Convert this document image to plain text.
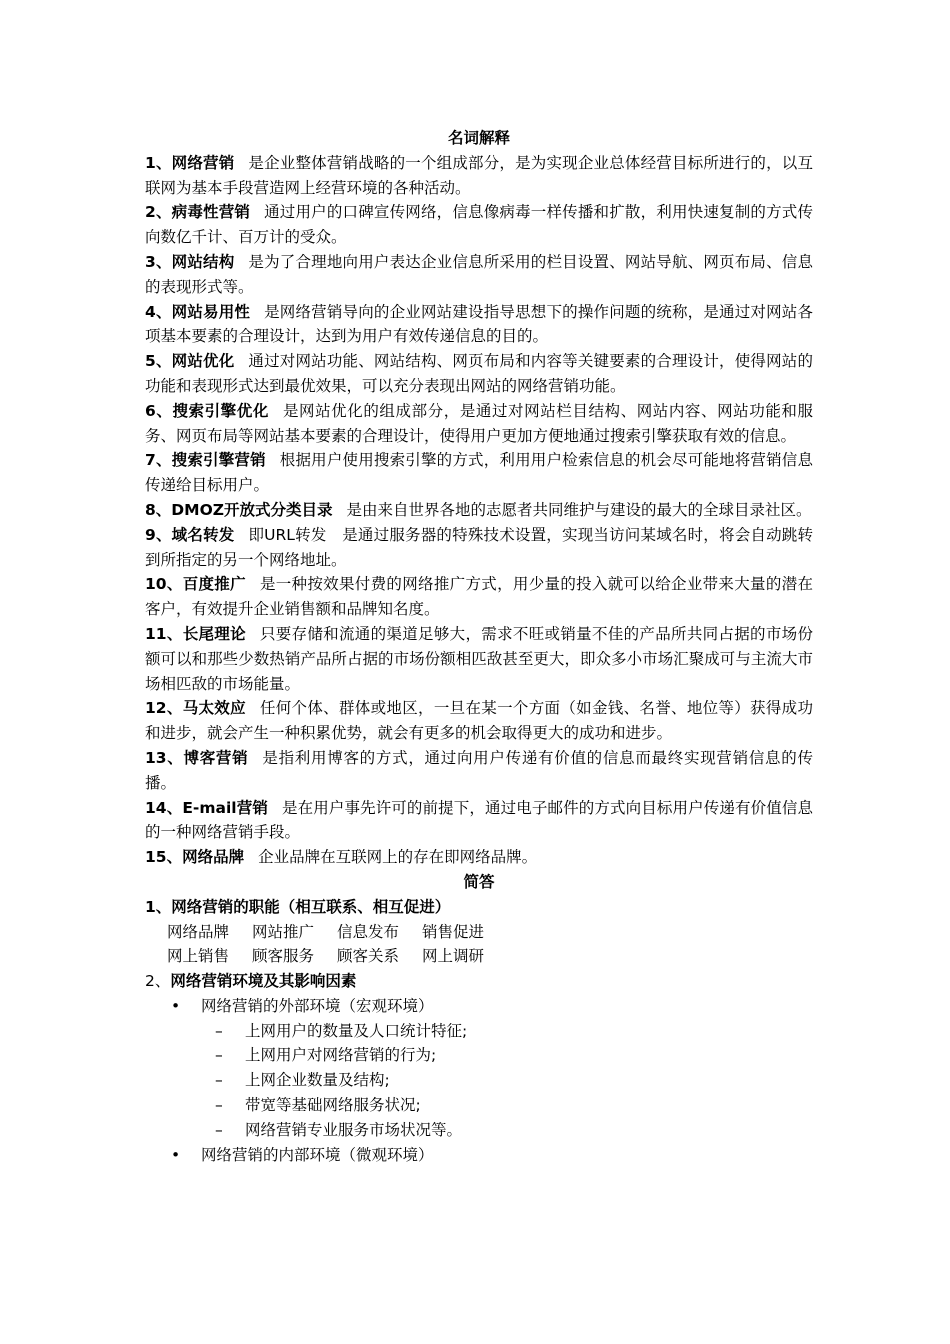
名词解释
1、网络营销 是企业整体营销战略的一个组成部分，是为实现企业总体经营目标所进行的，以互联网为基本手段营造网上经营环境的各种活动。
2、病毒性营销 通过用户的口碑宣传网络，信息像病毒一样传播和扩散，利用快速复制的方式传向数亿千计、百万计的受众。
3、网站结构 是为了合理地向用户表达企业信息所采用的栏目设置、网站导航、网页布局、信息的表现形式等。
4、网站易用性 是网络营销导向的企业网站建设指导思想下的操作问题的统称，是通过对网站各项基本要素的合理设计，达到为用户有效传递信息的目的。
5、网站优化 通过对网站功能、网站结构、网页布局和内容等关键要素的合理设计，使得网站的功能和表现形式达到最优效果，可以充分表现出网站的网络营销功能。
6、搜索引擎优化 是网站优化的组成部分，是通过对网站栏目结构、网站内容、网站功能和服务、网页布局等网站基本要素的合理设计，使得用户更加方便地通过搜索引擎获取有效的信息。
7、搜索引擎营销 根据用户使用搜索引擎的方式，利用用户检索信息的机会尽可能地将营销信息传递给目标用户。
8、DMOZ开放式分类目录 是由来自世界各地的志愿者共同维护与建设的最大的全球目录社区。
9、域名转发 即URL转发　是通过服务器的特殊技术设置，实现当访问某域名时，将会自动跳转到所指定的另一个网络地址。
10、百度推广 是一种按效果付费的网络推广方式，用少量的投入就可以给企业带来大量的潜在客户，有效提升企业销售额和品牌知名度。
11、长尾理论 只要存储和流通的渠道足够大，需求不旺或销量不佳的产品所共同占据的市场份额可以和那些少数热销产品所占据的市场份额相匹敌甚至更大，即众多小市场汇聚成可与主流大市场相匹敌的市场能量。
12、马太效应 任何个体、群体或地区，一旦在某一个方面（如金钱、名誉、地位等）获得成功和进步，就会产生一种积累优势，就会有更多的机会取得更大的成功和进步。
13、博客营销 是指利用博客的方式，通过向用户传递有价值的信息而最终实现营销信息的传播。
14、E-mail营销 是在用户事先许可的前提下，通过电子邮件的方式向目标用户传递有价值信息的一种网络营销手段。
15、网络品牌 企业品牌在互联网上的存在即网络品牌。
简答
1、网络营销的职能（相互联系、相互促进）
网络品牌 网站推广 信息发布 销售促进
网上销售 顾客服务 顾客关系 网上调研
2、网络营销环境及其影响因素
•	网络营销的外部环境（宏观环境）
–	上网用户的数量及人口统计特征;
–	上网用户对网络营销的行为;
–	上网企业数量及结构;
–	带宽等基础网络服务状况;
–	网络营销专业服务市场状况等。
•	网络营销的内部环境（微观环境）
